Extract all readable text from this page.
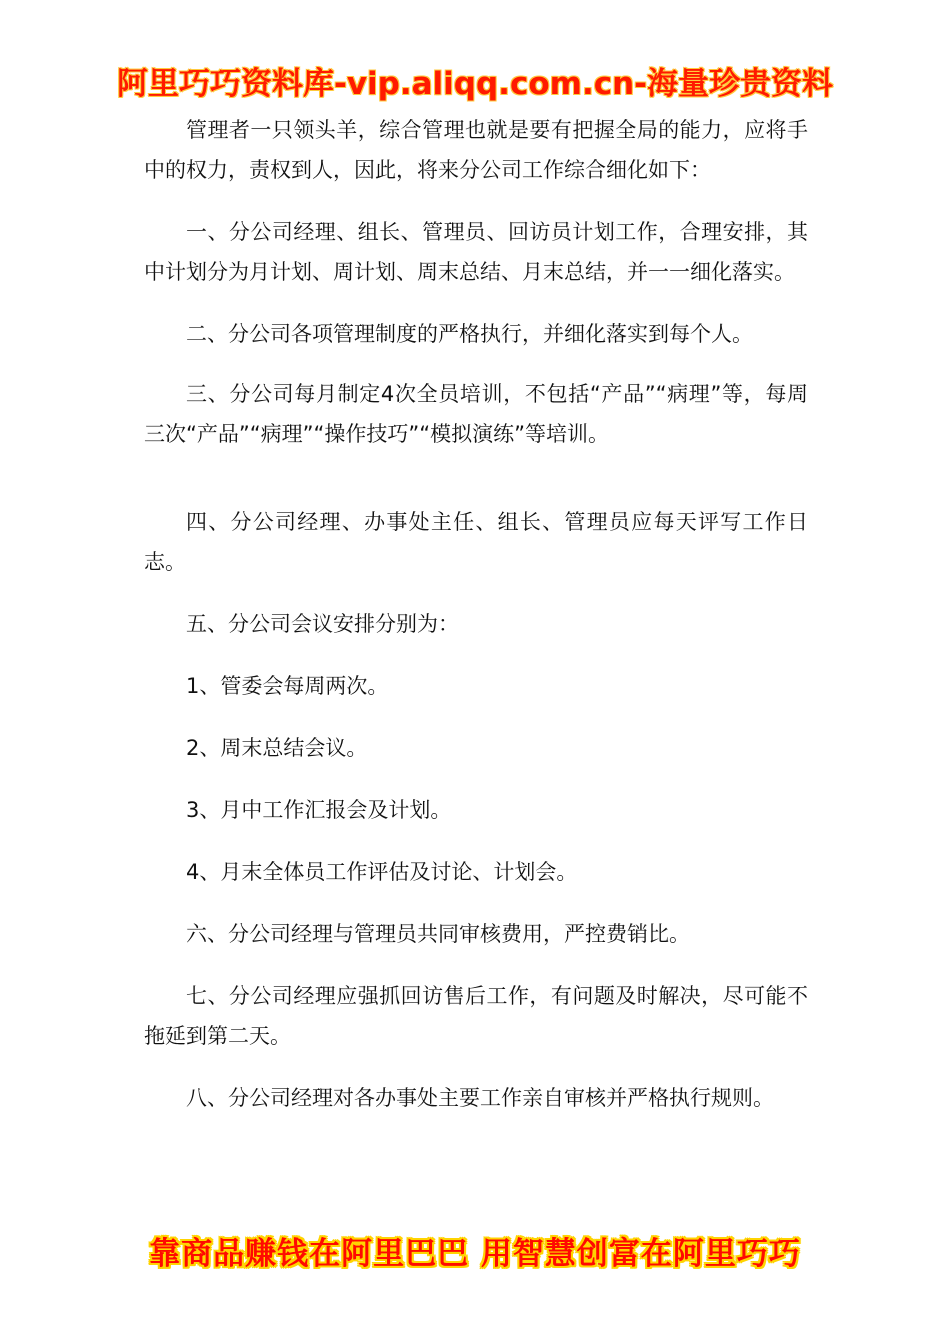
阿里巧巧资料库-vip.aliqq.com.cn-海量珍贵资料

管理者一只领头羊，综合管理也就是要有把握全局的能力，应将手中的权力，责权到人，因此，将来分公司工作综合细化如下：

一、分公司经理、组长、管理员、回访员计划工作，合理安排，其中计划分为月计划、周计划、周末总结、月末总结，并一一细化落实。

二、分公司各项管理制度的严格执行，并细化落实到每个人。

三、分公司每月制定4次全员培训，不包括“产品”“病理”等，每周三次“产品”“病理”“操作技巧”“模拟演练”等培训。

四、分公司经理、办事处主任、组长、管理员应每天评写工作日志。

五、分公司会议安排分别为：

1、管委会每周两次。

2、周末总结会议。

3、月中工作汇报会及计划。

4、月末全体员工作评估及讨论、计划会。

六、分公司经理与管理员共同审核费用，严控费销比。

七、分公司经理应强抓回访售后工作，有问题及时解决，尽可能不拖延到第二天。

八、分公司经理对各办事处主要工作亲自审核并严格执行规则。

靠商品赚钱在阿里巴巴 用智慧创富在阿里巧巧
